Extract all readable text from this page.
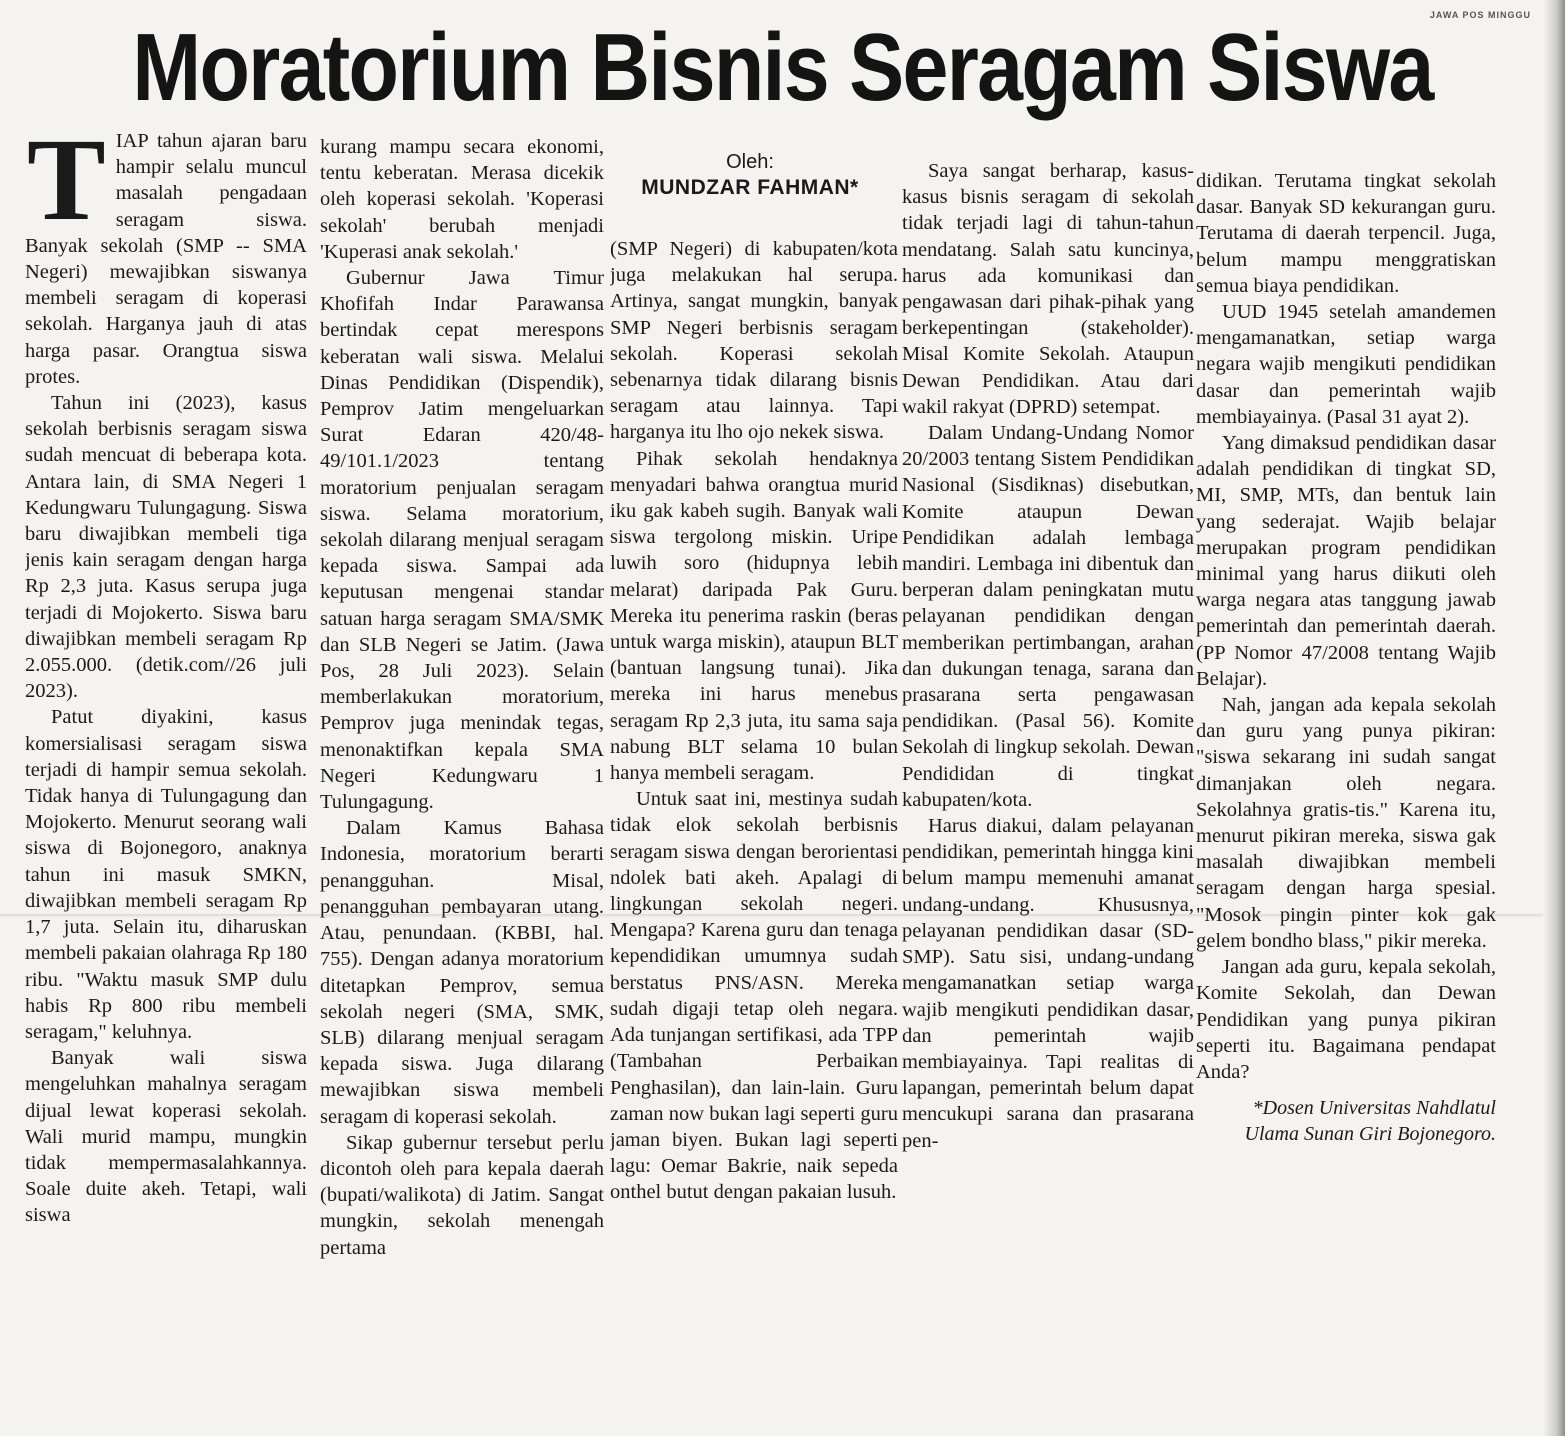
JAWA POS MINGGU
Moratorium Bisnis Seragam Siswa
Oleh:
MUNDZAR FAHMAN*
T IAP tahun ajaran baru hampir selalu muncul masalah pengadaan seragam siswa. Banyak sekolah (SMP -- SMA Negeri) mewajibkan siswanya membeli seragam di koperasi sekolah. Harganya jauh di atas harga pasar. Orangtua siswa protes.

Tahun ini (2023), kasus sekolah berbisnis seragam siswa sudah mencuat di beberapa kota. Antara lain, di SMA Negeri 1 Kedungwaru Tulungagung. Siswa baru diwajibkan membeli tiga jenis kain seragam dengan harga Rp 2,3 juta. Kasus serupa juga terjadi di Mojokerto. Siswa baru diwajibkan membeli seragam Rp 2.055.000. (detik.com//26 juli 2023).

Patut diyakini, kasus komersialisasi seragam siswa terjadi di hampir semua sekolah. Tidak hanya di Tulungagung dan Mojokerto. Menurut seorang wali siswa di Bojonegoro, anaknya tahun ini masuk SMKN, diwajibkan membeli seragam Rp 1,7 juta. Selain itu, diharuskan membeli pakaian olahraga Rp 180 ribu. "Waktu masuk SMP dulu habis Rp 800 ribu membeli seragam," keluhnya.

Banyak wali siswa mengeluhkan mahalnya seragam dijual lewat koperasi sekolah. Wali murid mampu, mungkin tidak mempermasalahkannya. Soale duite akeh. Tetapi, wali siswa

kurang mampu secara ekonomi, tentu keberatan. Merasa dicekik oleh koperasi sekolah. 'Koperasi sekolah' berubah menjadi 'Kuperasi anak sekolah.'

Gubernur Jawa Timur Khofifah Indar Parawansa bertindak cepat merespons keberatan wali siswa. Melalui Dinas Pendidikan (Dispendik), Pemprov Jatim mengeluarkan Surat Edaran 420/48-49/101.1/2023 tentang moratorium penjualan seragam siswa. Selama moratorium, sekolah dilarang menjual seragam kepada siswa. Sampai ada keputusan mengenai standar satuan harga seragam SMA/SMK dan SLB Negeri se Jatim. (Jawa Pos, 28 Juli 2023). Selain memberlakukan moratorium, Pemprov juga menindak tegas, menonaktifkan kepala SMA Negeri Kedungwaru 1 Tulungagung.

Dalam Kamus Bahasa Indonesia, moratorium berarti penangguhan. Misal, penangguhan pembayaran utang. Atau, penundaan. (KBBI, hal. 755). Dengan adanya moratorium ditetapkan Pemprov, semua sekolah negeri (SMA, SMK, SLB) dilarang menjual seragam kepada siswa. Juga dilarang mewajibkan siswa membeli seragam di koperasi sekolah.

Sikap gubernur tersebut perlu dicontoh oleh para kepala daerah (bupati/walikota) di Jatim. Sangat mungkin, sekolah menengah pertama

(SMP Negeri) di kabupaten/kota juga melakukan hal serupa. Artinya, sangat mungkin, banyak SMP Negeri berbisnis seragam sekolah. Koperasi sekolah sebenarnya tidak dilarang bisnis seragam atau lainnya. Tapi harganya itu lho ojo nekek siswa.

Pihak sekolah hendaknya menyadari bahwa orangtua murid iku gak kabeh sugih. Banyak wali siswa tergolong miskin. Uripe luwih soro (hidupnya lebih melarat) daripada Pak Guru. Mereka itu penerima raskin (beras untuk warga miskin), ataupun BLT (bantuan langsung tunai). Jika mereka ini harus menebus seragam Rp 2,3 juta, itu sama saja nabung BLT selama 10 bulan hanya membeli seragam.

Untuk saat ini, mestinya sudah tidak elok sekolah berbisnis seragam siswa dengan berorientasi ndolek bati akeh. Apalagi di lingkungan sekolah negeri. Mengapa? Karena guru dan tenaga kependidikan umumnya sudah berstatus PNS/ASN. Mereka sudah digaji tetap oleh negara. Ada tunjangan sertifikasi, ada TPP (Tambahan Perbaikan Penghasilan), dan lain-lain. Guru zaman now bukan lagi seperti guru jaman biyen. Bukan lagi seperti lagu: Oemar Bakrie, naik sepeda onthel butut dengan pakaian lusuh.

Saya sangat berharap, kasus-kasus bisnis seragam di sekolah tidak terjadi lagi di tahun-tahun mendatang. Salah satu kuncinya, harus ada komunikasi dan pengawasan dari pihak-pihak yang berkepentingan (stakeholder). Misal Komite Sekolah. Ataupun Dewan Pendidikan. Atau dari wakil rakyat (DPRD) setempat.

Dalam Undang-Undang Nomor 20/2003 tentang Sistem Pendidikan Nasional (Sisdiknas) disebutkan, Komite ataupun Dewan Pendidikan adalah lembaga mandiri. Lembaga ini dibentuk dan berperan dalam peningkatan mutu pelayanan pendidikan dengan memberikan pertimbangan, arahan dan dukungan tenaga, sarana dan prasarana serta pengawasan pendidikan. (Pasal 56). Komite Sekolah di lingkup sekolah. Dewan Pendididan di tingkat kabupaten/kota.

Harus diakui, dalam pelayanan pendidikan, pemerintah hingga kini belum mampu memenuhi amanat undang-undang. Khususnya, pelayanan pendidikan dasar (SD-SMP). Satu sisi, undang-undang mengamanatkan setiap warga wajib mengikuti pendidikan dasar, dan pemerintah wajib membiayainya. Tapi realitas di lapangan, pemerintah belum dapat mencukupi sarana dan prasarana pen-

didikan. Terutama tingkat sekolah dasar. Banyak SD kekurangan guru. Terutama di daerah terpencil. Juga, belum mampu menggratiskan semua biaya pendidikan.

UUD 1945 setelah amandemen mengamanatkan, setiap warga negara wajib mengikuti pendidikan dasar dan pemerintah wajib membiayainya. (Pasal 31 ayat 2).

Yang dimaksud pendidikan dasar adalah pendidikan di tingkat SD, MI, SMP, MTs, dan bentuk lain yang sederajat. Wajib belajar merupakan program pendidikan minimal yang harus diikuti oleh warga negara atas tanggung jawab pemerintah dan pemerintah daerah. (PP Nomor 47/2008 tentang Wajib Belajar).

Nah, jangan ada kepala sekolah dan guru yang punya pikiran: "siswa sekarang ini sudah sangat dimanjakan oleh negara. Sekolahnya gratis-tis." Karena itu, menurut pikiran mereka, siswa gak masalah diwajibkan membeli seragam dengan harga spesial. "Mosok pingin pinter kok gak gelem bondho blass," pikir mereka.

Jangan ada guru, kepala sekolah, Komite Sekolah, dan Dewan Pendidikan yang punya pikiran seperti itu. Bagaimana pendapat Anda?

*Dosen Universitas Nahdlatul Ulama Sunan Giri Bojonegoro.
